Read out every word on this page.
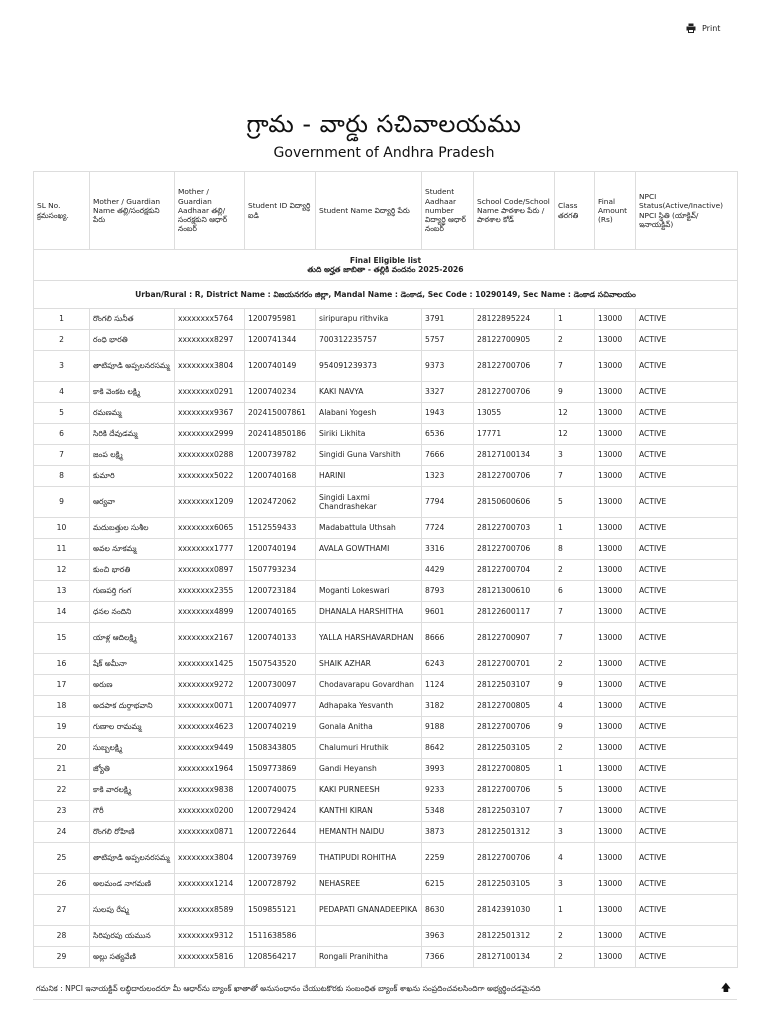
Print
గ్రామ - వార్డు సచివాలయము
Government of Andhra Pradesh
Final Eligible list
తుది అర్హత జాబితా - తల్లికి వందనం 2025-2026									

Urban/Rural : R, District Name : విజయనగరం జిల్లా, Mandal Name : డెంకాడ, Sec Code : 10290149, Sec Name : డెంకాడ సచివాలయం									
SL No. క్రమసంఖ్య.	Mother / Guardian Name తల్లి/సంరక్షకుని పేరు	Mother / Guardian Aadhaar తల్లి/ సంరక్షకుని ఆధార్ నంబర్	Student ID విద్యార్థి ఐడి	Student Name విద్యార్థి పేరు	Student Aadhaar number విద్యార్థి ఆధార్ నంబర్	School Code/School Name పాఠశాల పేరు / పాఠశాల కోడ్	Class తరగతి	Final Amount (Rs)	NPCI Status(Active/Inactive) NPCI స్థితి (యాక్టివ్/ ఇనాయక్టివ్)
1	రొంగలి సునీత	xxxxxxxx5764	1200795981	siripurapu rithvika	3791	28122895224	1	13000	ACTIVE
2	రంధి భారతి	xxxxxxxx8297	1200741344	700312235757	5757	28122700905	2	13000	ACTIVE
3	తాటిపూడి అప్పలనరసమ్మ	xxxxxxxx3804	1200740149	954091239373	9373	28122700706	7	13000	ACTIVE
4	కాకి వెంకట లక్ష్మి	xxxxxxxx0291	1200740234	KAKI NAVYA	3327	28122700706	9	13000	ACTIVE
5	రమణమ్మ	xxxxxxxx9367	202415007861	Alabani Yogesh	1943	13055	12	13000	ACTIVE
6	సిరికి దేవుడమ్మ	xxxxxxxx2999	202414850186	Siriki Likhita	6536	17771	12	13000	ACTIVE
7	జంప లక్ష్మి	xxxxxxxx0288	1200739782	Singidi Guna Varshith	7666	28127100134	3	13000	ACTIVE
8	కుమారి	xxxxxxxx5022	1200740168	HARINI	1323	28122700706	7	13000	ACTIVE
9	ఆర్యవా	xxxxxxxx1209	1202472062	Singidi Laxmi Chandrashekar	7794	28150600606	5	13000	ACTIVE
10	మదుబత్తుల సుశీల	xxxxxxxx6065	1512559433	Madabattula Uthsah	7724	28122700703	1	13000	ACTIVE
11	అవల నూకమ్మ	xxxxxxxx1777	1200740194	AVALA GOWTHAMI	3316	28122700706	8	13000	ACTIVE
12	కుంచి భారతి	xxxxxxxx0897	1507793234		4429	28122700704	2	13000	ACTIVE
13	గుణపర్తి గంగ	xxxxxxxx2355	1200723184	Moganti Lokeswari	8793	28121300610	6	13000	ACTIVE
14	ధనల నందిని	xxxxxxxx4899	1200740165	DHANALA HARSHITHA	9601	28122600117	7	13000	ACTIVE
15	యాళ్ల ఆదిలక్ష్మి	xxxxxxxx2167	1200740133	YALLA HARSHAVARDHAN	8666	28122700907	7	13000	ACTIVE
16	షేక్ అమీనా	xxxxxxxx1425	1507543520	SHAIK AZHAR	6243	28122700701	2	13000	ACTIVE
17	అరుణ	xxxxxxxx9272	1200730097	Chodavarapu Govardhan	1124	28122503107	9	13000	ACTIVE
18	అదపాక దుర్గాభవాని	xxxxxxxx0071	1200740977	Adhapaka Yesvanth	3182	28122700805	4	13000	ACTIVE
19	గుణాల రామమ్మ	xxxxxxxx4623	1200740219	Gonala Anitha	9188	28122700706	9	13000	ACTIVE
20	సుబ్బలక్ష్మి	xxxxxxxx9449	1508343805	Chalumuri Hruthik	8642	28122503105	2	13000	ACTIVE
21	జ్యోతి	xxxxxxxx1964	1509773869	Gandi Heyansh	3993	28122700805	1	13000	ACTIVE
22	కాకి వారలక్ష్మి	xxxxxxxx9838	1200740075	KAKI PURNEESH	9233	28122700706	5	13000	ACTIVE
23	గౌరీ	xxxxxxxx0200	1200729424	KANTHI KIRAN	5348	28122503107	7	13000	ACTIVE
24	రొంగలి రోహిణి	xxxxxxxx0871	1200722644	HEMANTH NAIDU	3873	28122501312	3	13000	ACTIVE
25	తాటిపూడి అప్పలనరసమ్మ	xxxxxxxx3804	1200739769	THATIPUDI ROHITHA	2259	28122700706	4	13000	ACTIVE
26	అలమండ నాగమణి	xxxxxxxx1214	1200728792	NEHASREE	6215	28122503105	3	13000	ACTIVE
27	సులపు రేష్మ	xxxxxxxx8589	1509855121	PEDAPATI GNANADEEPIKA	8630	28142391030	1	13000	ACTIVE
28	సిరిపురపు యమున	xxxxxxxx9312	1511638586		3963	28122501312	2	13000	ACTIVE
29	అల్లు సత్యవేణి	xxxxxxxx5816	1208564217	Rongali Pranihitha	7366	28127100134	2	13000	ACTIVE
గమనిక : NPCI ఇనాయక్టివ్ లబ్ధిదారులందరూ మీ ఆధార్‌ను బ్యాంక్ ఖాతాతో అనుసంధానం చేయుటకొరకు సంబంధిత బ్యాంక్ శాఖను సంప్రదించవలసిందిగా అభ్యర్థించడమైనది	🡅
